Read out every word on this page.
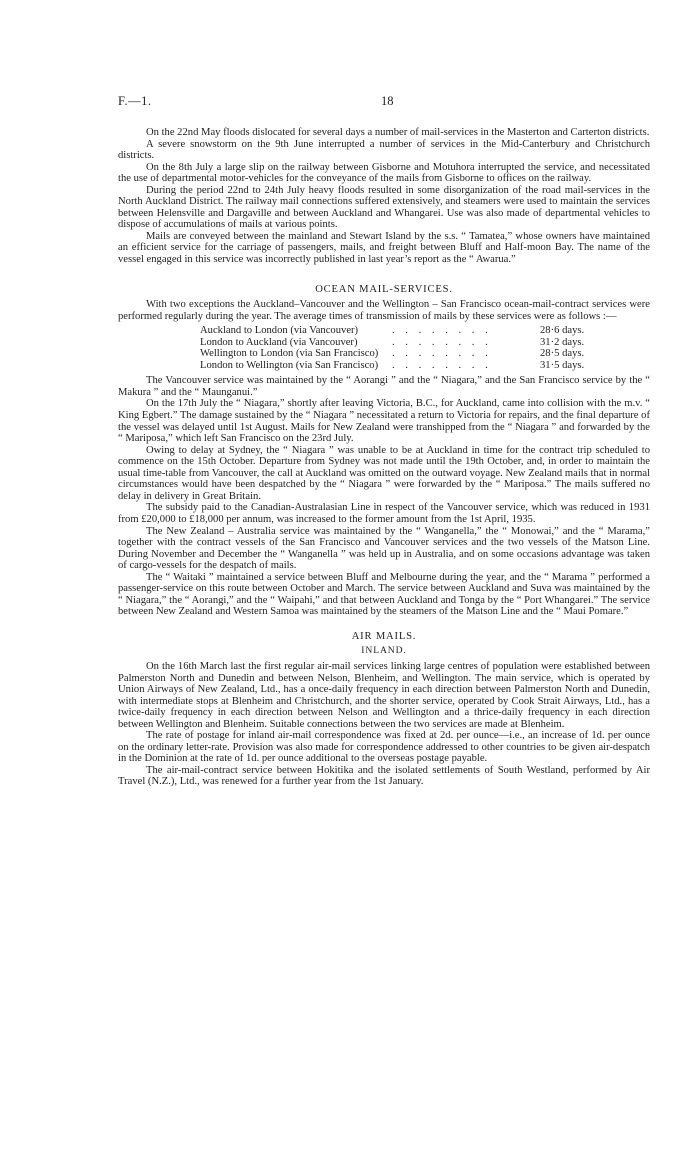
F.—1.	18

On the 22nd May floods dislocated for several days a number of mail-services in the Masterton and Carterton districts.

A severe snowstorm on the 9th June interrupted a number of services in the Mid-Canterbury and Christchurch districts.

On the 8th July a large slip on the railway between Gisborne and Motuhora interrupted the service, and necessitated the use of departmental motor-vehicles for the conveyance of the mails from Gisborne to offices on the railway.

During the period 22nd to 24th July heavy floods resulted in some disorganization of the road mail-services in the North Auckland District. The railway mail connections suffered extensively, and steamers were used to maintain the services between Helensville and Dargaville and between Auckland and Whangarei. Use was also made of departmental vehicles to dispose of accumulations of mails at various points.

Mails are conveyed between the mainland and Stewart Island by the s.s. “ Tamatea,” whose owners have maintained an efficient service for the carriage of passengers, mails, and freight between Bluff and Half-moon Bay. The name of the vessel engaged in this service was incorrectly published in last year’s report as the “ Awarua.”

OCEAN MAIL-SERVICES.

With two exceptions the Auckland–Vancouver and the Wellington – San Francisco ocean-mail-contract services were performed regularly during the year. The average times of transmission of mails by these services were as follows :—

Auckland to London (via Vancouver)	. . . . . . . .	28·6 days.
London to Auckland (via Vancouver)	. . . . . . . .	31·2 days.
Wellington to London (via San Francisco)	. . . . . . . .	28·5 days.
London to Wellington (via San Francisco)	. . . . . . . .	31·5 days.

The Vancouver service was maintained by the “ Aorangi ” and the “ Niagara,” and the San Francisco service by the “ Makura ” and the “ Maunganui.”

On the 17th July the “ Niagara,” shortly after leaving Victoria, B.C., for Auckland, came into collision with the m.v. “ King Egbert.” The damage sustained by the “ Niagara ” necessitated a return to Victoria for repairs, and the final departure of the vessel was delayed until 1st August. Mails for New Zealand were transhipped from the “ Niagara ” and forwarded by the “ Mariposa,” which left San Francisco on the 23rd July.

Owing to delay at Sydney, the “ Niagara ” was unable to be at Auckland in time for the contract trip scheduled to commence on the 15th October. Departure from Sydney was not made until the 19th October, and, in order to maintain the usual time-table from Vancouver, the call at Auckland was omitted on the outward voyage. New Zealand mails that in normal circumstances would have been despatched by the “ Niagara ” were forwarded by the “ Mariposa.” The mails suffered no delay in delivery in Great Britain.

The subsidy paid to the Canadian-Australasian Line in respect of the Vancouver service, which was reduced in 1931 from £20,000 to £18,000 per annum, was increased to the former amount from the 1st April, 1935.

The New Zealand – Australia service was maintained by the “ Wanganella,” the “ Monowai,” and the “ Marama,” together with the contract vessels of the San Francisco and Vancouver services and the two vessels of the Matson Line. During November and December the “ Wanganella ” was held up in Australia, and on some occasions advantage was taken of cargo-vessels for the despatch of mails.

The “ Waitaki ” maintained a service between Bluff and Melbourne during the year, and the “ Marama ” performed a passenger-service on this route between October and March. The service between Auckland and Suva was maintained by the “ Niagara,” the “ Aorangi,” and the “ Waipahi,” and that between Auckland and Tonga by the “ Port Whangarei.” The service between New Zealand and Western Samoa was maintained by the steamers of the Matson Line and the “ Maui Pomare.”

AIR MAILS.
INLAND.

On the 16th March last the first regular air-mail services linking large centres of population were established between Palmerston North and Dunedin and between Nelson, Blenheim, and Wellington. The main service, which is operated by Union Airways of New Zealand, Ltd., has a once-daily frequency in each direction between Palmerston North and Dunedin, with intermediate stops at Blenheim and Christchurch, and the shorter service, operated by Cook Strait Airways, Ltd., has a twice-daily frequency in each direction between Nelson and Wellington and a thrice-daily frequency in each direction between Wellington and Blenheim. Suitable connections between the two services are made at Blenheim.

The rate of postage for inland air-mail correspondence was fixed at 2d. per ounce—i.e., an increase of 1d. per ounce on the ordinary letter-rate. Provision was also made for correspondence addressed to other countries to be given air-despatch in the Dominion at the rate of 1d. per ounce additional to the overseas postage payable.

The air-mail-contract service between Hokitika and the isolated settlements of South Westland, performed by Air Travel (N.Z.), Ltd., was renewed for a further year from the 1st January.
